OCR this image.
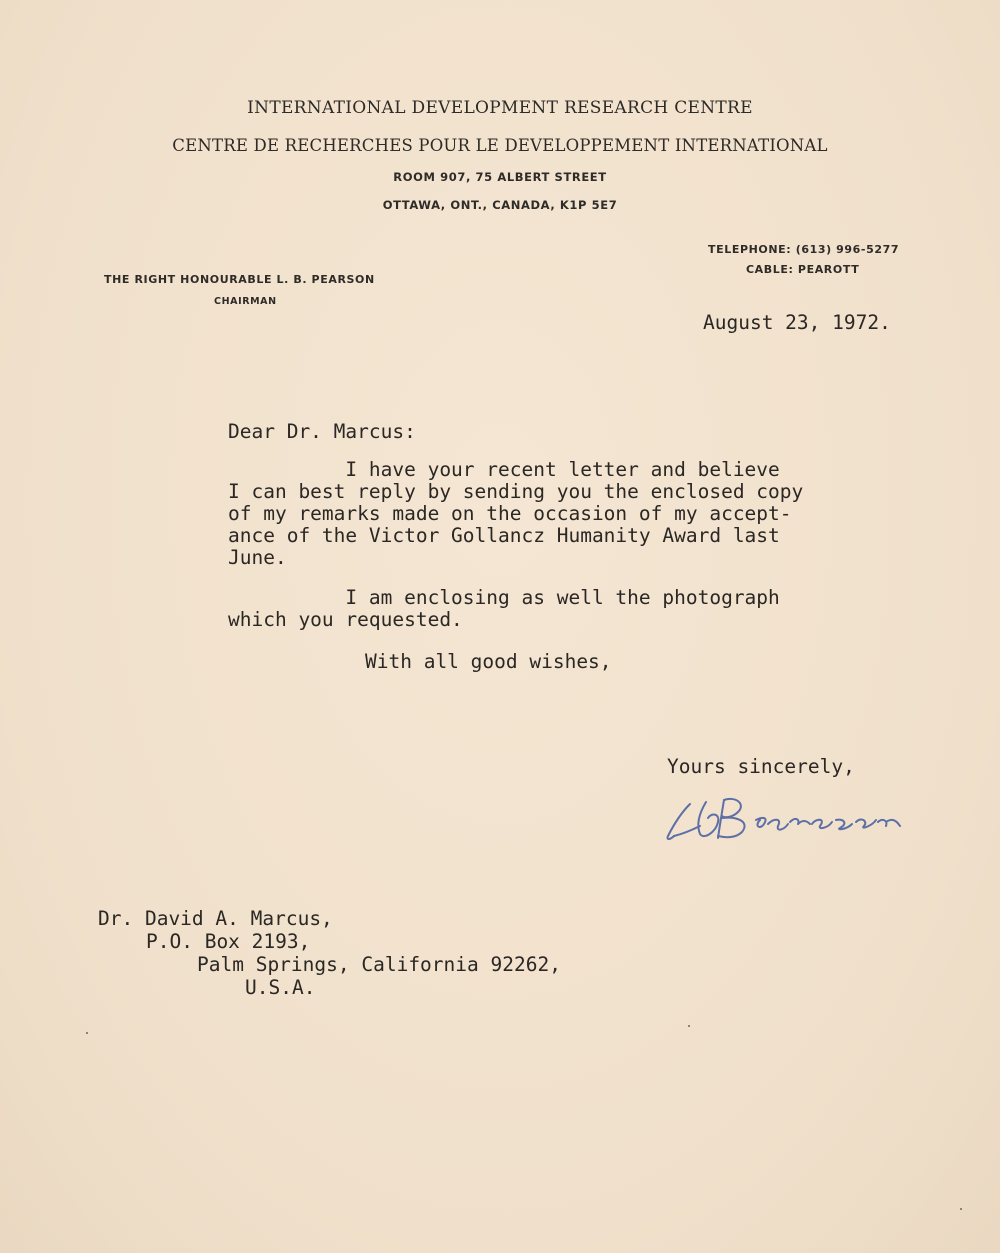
INTERNATIONAL DEVELOPMENT RESEARCH CENTRE
CENTRE DE RECHERCHES POUR LE DEVELOPPEMENT INTERNATIONAL
ROOM 907, 75 ALBERT STREET
OTTAWA, ONT., CANADA, K1P 5E7
TELEPHONE: (613) 996-5277
CABLE: PEAROTT
THE RIGHT HONOURABLE L. B. PEARSON
CHAIRMAN
August 23, 1972.
Dear Dr. Marcus:
I have your recent letter and believe
I can best reply by sending you the enclosed copy
of my remarks made on the occasion of my accept-
ance of the Victor Gollancz Humanity Award last
June.
I am enclosing as well the photograph
which you requested.
With all good wishes,
Yours sincerely,
Dr. David A. Marcus,
P.O. Box 2193,
Palm Springs, California 92262,
U.S.A.
